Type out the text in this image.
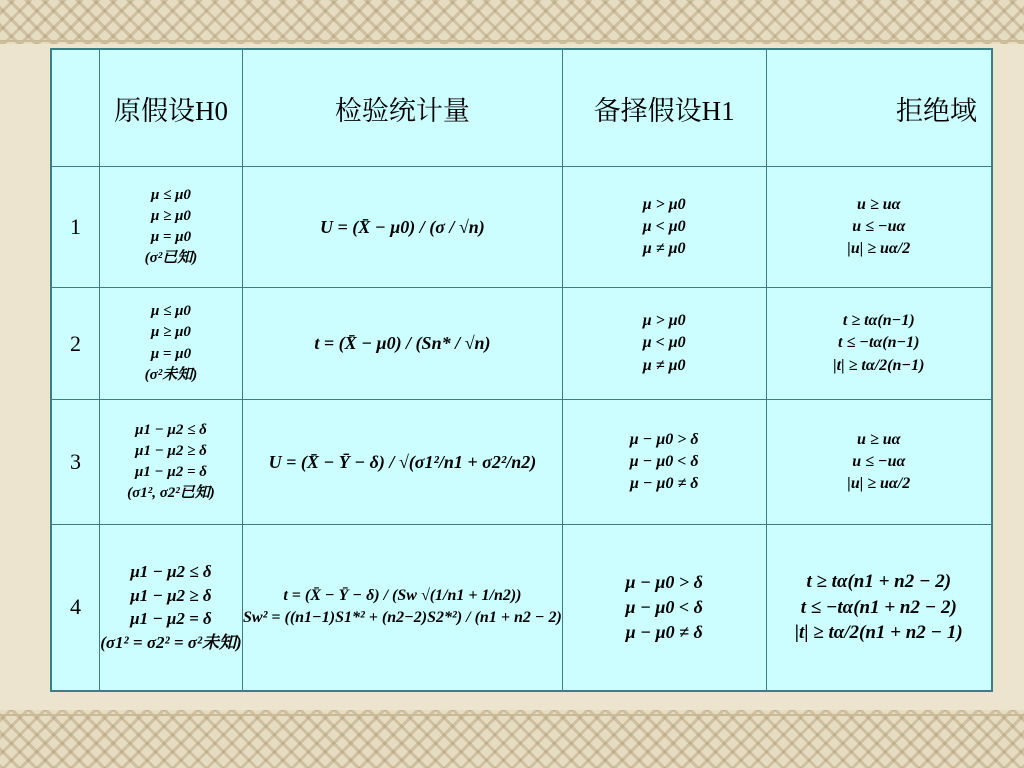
	原假设H0	检验统计量	备择假设H1	拒绝域
1	μ ≤ μ0
μ ≥ μ0
μ = μ0
(σ²已知)	U = (X̄ − μ0) / (σ / √n)	μ > μ0
μ < μ0
μ ≠ μ0	u ≥ uα
u ≤ −uα
|u| ≥ uα/2

2	μ ≤ μ0
μ ≥ μ0
μ = μ0
(σ²未知)	t = (X̄ − μ0) / (Sn* / √n)	μ > μ0
μ < μ0
μ ≠ μ0	t ≥ tα(n−1)
t ≤ −tα(n−1)
|t| ≥ tα/2(n−1)

3	μ1 − μ2 ≤ δ
μ1 − μ2 ≥ δ
μ1 − μ2 = δ
(σ1², σ2²已知)	U = (X̄ − Ȳ − δ) / √(σ1²/n1 + σ2²/n2)	μ − μ0 > δ
μ − μ0 < δ
μ − μ0 ≠ δ	u ≥ uα
u ≤ −uα
|u| ≥ uα/2

4	μ1 − μ2 ≤ δ
μ1 − μ2 ≥ δ
μ1 − μ2 = δ
(σ1² = σ2² = σ²未知)	t = (X̄ − Ȳ − δ) / (Sw √(1/n1 + 1/n2))
Sw² = ((n1−1)S1*² + (n2−2)S2*²) / (n1 + n2 − 2)	μ − μ0 > δ
μ − μ0 < δ
μ − μ0 ≠ δ	t ≥ tα(n1 + n2 − 2)
t ≤ −tα(n1 + n2 − 2)
|t| ≥ tα/2(n1 + n2 − 1)
